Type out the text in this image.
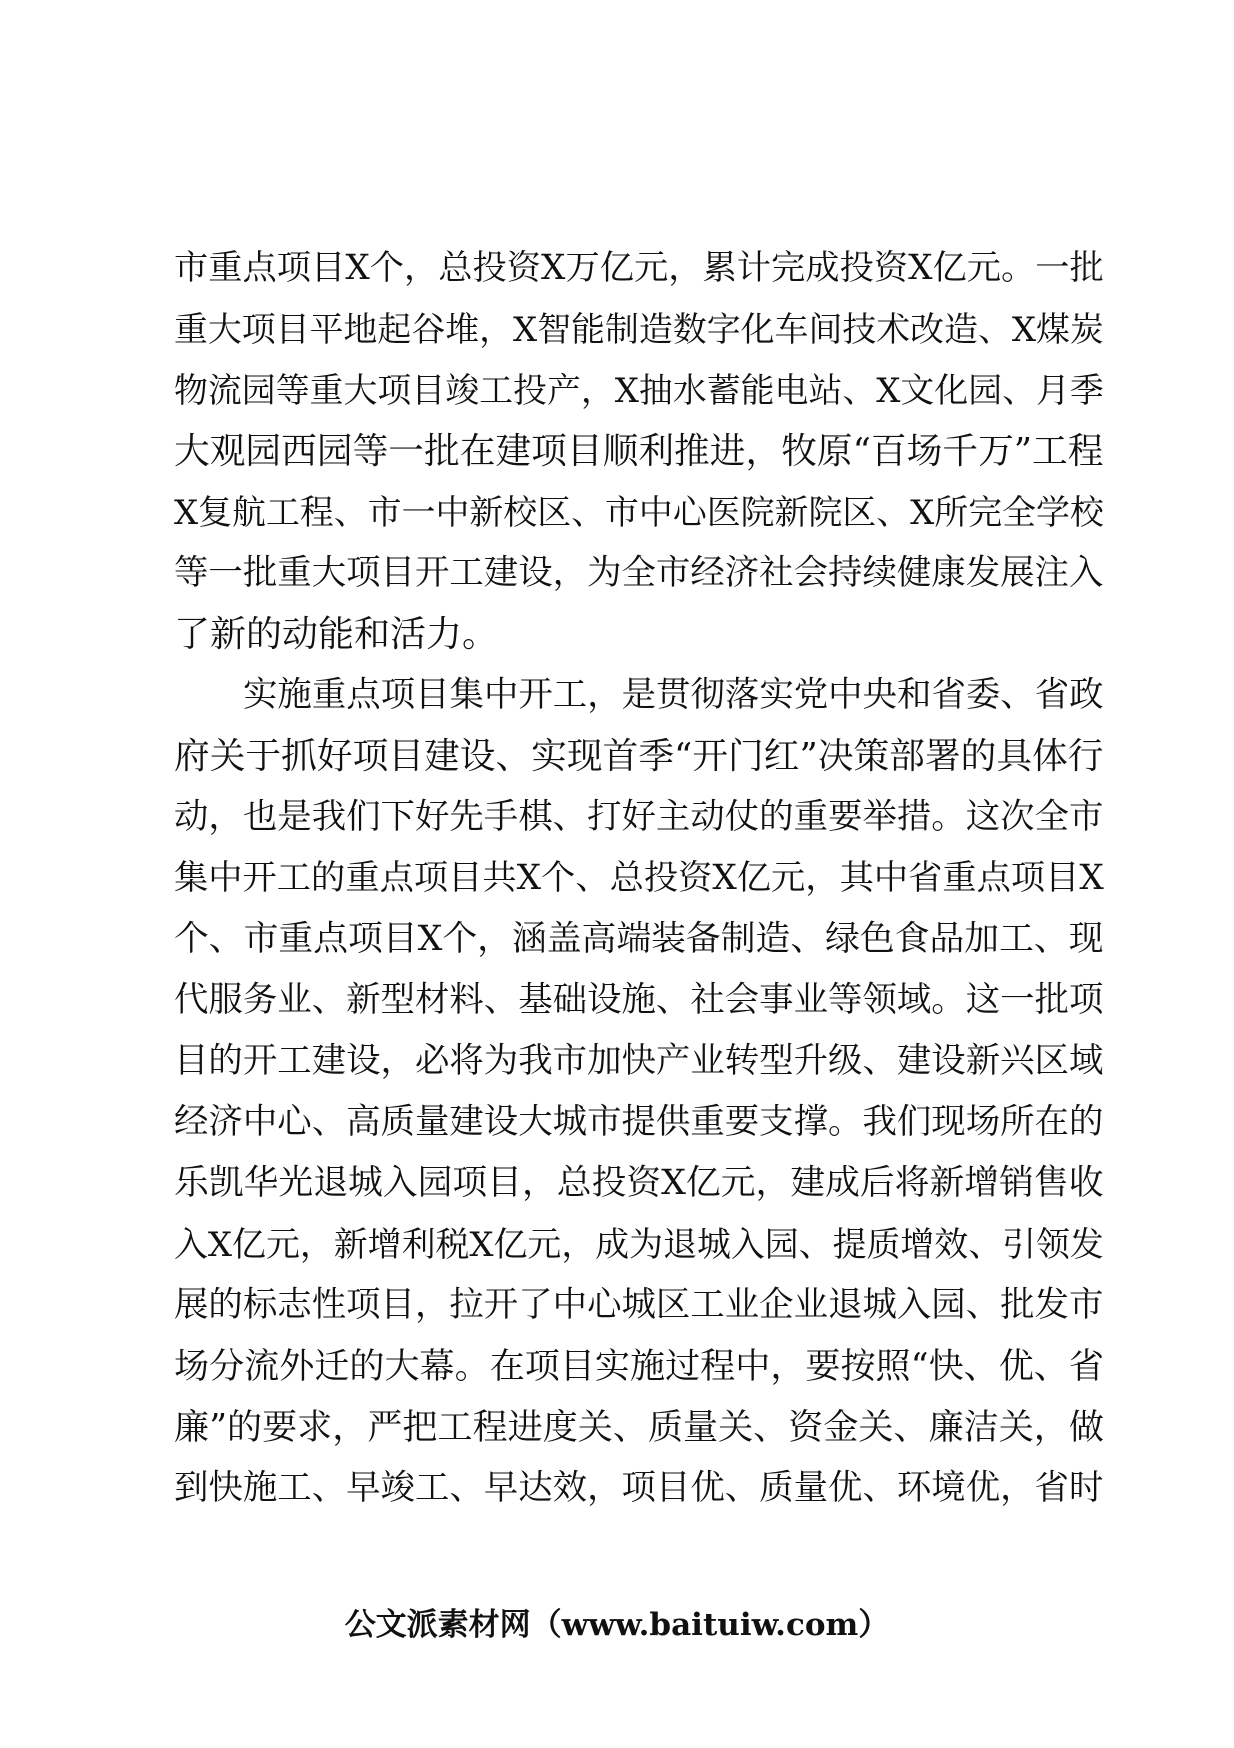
市重点项目X个，总投资X万亿元，累计完成投资X亿元。一批
重大项目平地起谷堆，X智能制造数字化车间技术改造、X煤炭
物流园等重大项目竣工投产，X抽水蓄能电站、X文化园、月季
大观园西园等一批在建项目顺利推进，牧原“百场千万”工程
X复航工程、市一中新校区、市中心医院新院区、X所完全学校
等一批重大项目开工建设，为全市经济社会持续健康发展注入
了新的动能和活力。
实施重点项目集中开工，是贯彻落实党中央和省委、省政
府关于抓好项目建设、实现首季“开门红”决策部署的具体行
动，也是我们下好先手棋、打好主动仗的重要举措。这次全市
集中开工的重点项目共X个、总投资X亿元，其中省重点项目X
个、市重点项目X个，涵盖高端装备制造、绿色食品加工、现
代服务业、新型材料、基础设施、社会事业等领域。这一批项
目的开工建设，必将为我市加快产业转型升级、建设新兴区域
经济中心、高质量建设大城市提供重要支撑。我们现场所在的
乐凯华光退城入园项目，总投资X亿元，建成后将新增销售收
入X亿元，新增利税X亿元，成为退城入园、提质增效、引领发
展的标志性项目，拉开了中心城区工业企业退城入园、批发市
场分流外迁的大幕。在项目实施过程中，要按照“快、优、省
廉”的要求，严把工程进度关、质量关、资金关、廉洁关，做
到快施工、早竣工、早达效，项目优、质量优、环境优，省时
公文派素材网（www.baituiw.com）
